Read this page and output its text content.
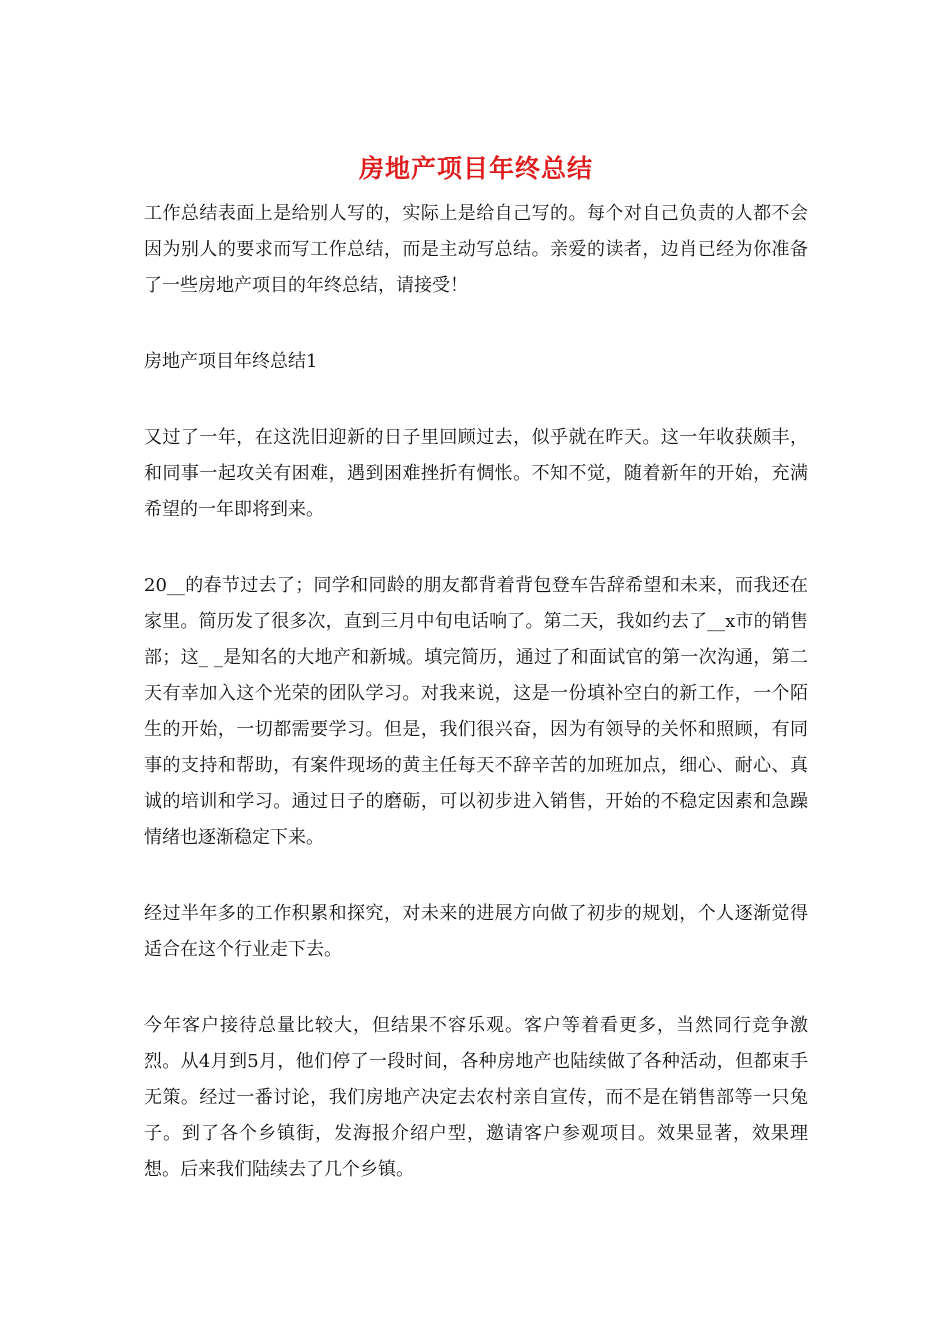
房地产项目年终总结

工作总结表面上是给别人写的，实际上是给自己写的。每个对自己负责的人都不会因为别人的要求而写工作总结，而是主动写总结。亲爱的读者，边肖已经为你准备了一些房地产项目的年终总结，请接受！

房地产项目年终总结1

又过了一年，在这洗旧迎新的日子里回顾过去，似乎就在昨天。这一年收获颇丰，和同事一起攻关有困难，遇到困难挫折有惆怅。不知不觉，随着新年的开始，充满希望的一年即将到来。

20__的春节过去了；同学和同龄的朋友都背着背包登车告辞希望和未来，而我还在家里。简历发了很多次，直到三月中旬电话响了。第二天，我如约去了__x市的销售部；这_ _是知名的大地产和新城。填完简历，通过了和面试官的第一次沟通，第二天有幸加入这个光荣的团队学习。对我来说，这是一份填补空白的新工作，一个陌生的开始，一切都需要学习。但是，我们很兴奋，因为有领导的关怀和照顾，有同事的支持和帮助，有案件现场的黄主任每天不辞辛苦的加班加点，细心、耐心、真诚的培训和学习。通过日子的磨砺，可以初步进入销售，开始的不稳定因素和急躁情绪也逐渐稳定下来。

经过半年多的工作积累和探究，对未来的进展方向做了初步的规划，个人逐渐觉得适合在这个行业走下去。

今年客户接待总量比较大，但结果不容乐观。客户等着看更多，当然同行竞争激烈。从4月到5月，他们停了一段时间，各种房地产也陆续做了各种活动，但都束手无策。经过一番讨论，我们房地产决定去农村亲自宣传，而不是在销售部等一只兔子。到了各个乡镇街，发海报介绍户型，邀请客户参观项目。效果显著，效果理想。后来我们陆续去了几个乡镇。
